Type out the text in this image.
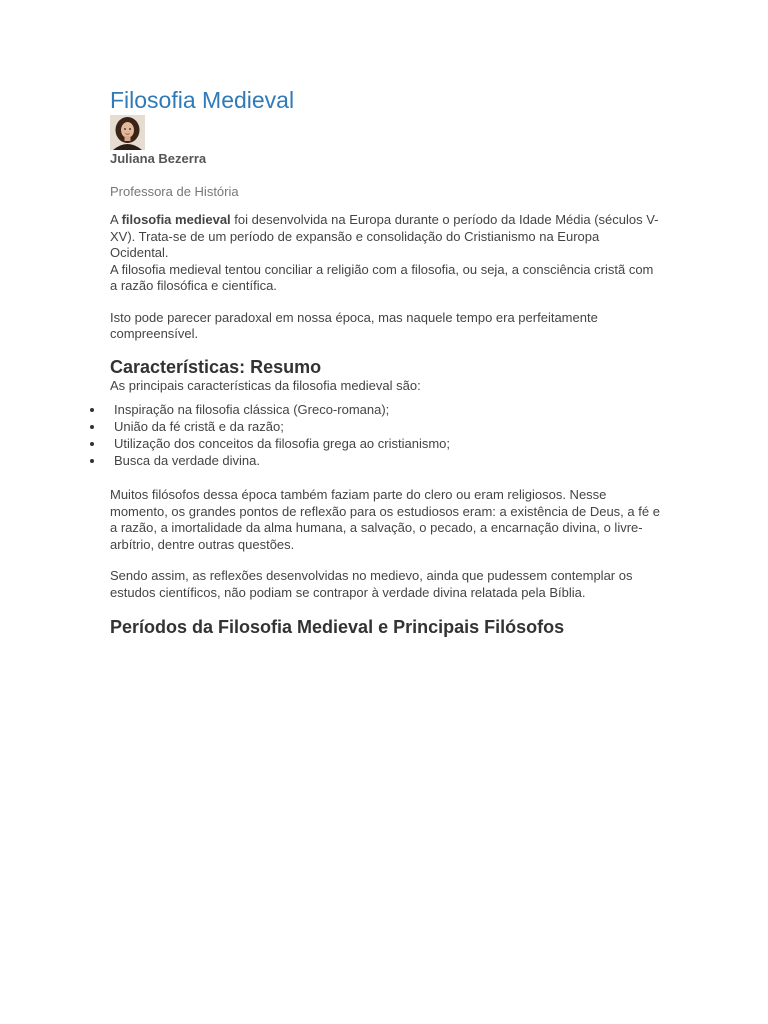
Filosofia Medieval
Juliana Bezerra
Professora de História

A filosofia medieval foi desenvolvida na Europa durante o período da Idade Média (séculos V-XV). Trata-se de um período de expansão e consolidação do Cristianismo na Europa Ocidental.

A filosofia medieval tentou conciliar a religião com a filosofia, ou seja, a consciência cristã com a razão filosófica e científica.

Isto pode parecer paradoxal em nossa época, mas naquele tempo era perfeitamente compreensível.

Características: Resumo

As principais características da filosofia medieval são:

Inspiração na filosofia clássica (Greco-romana);
União da fé cristã e da razão;
Utilização dos conceitos da filosofia grega ao cristianismo;
Busca da verdade divina.

Muitos filósofos dessa época também faziam parte do clero ou eram religiosos. Nesse momento, os grandes pontos de reflexão para os estudiosos eram: a existência de Deus, a fé e a razão, a imortalidade da alma humana, a salvação, o pecado, a encarnação divina, o livre-arbítrio, dentre outras questões.

Sendo assim, as reflexões desenvolvidas no medievo, ainda que pudessem contemplar os estudos científicos, não podiam se contrapor à verdade divina relatada pela Bíblia.

Períodos da Filosofia Medieval e Principais Filósofos
